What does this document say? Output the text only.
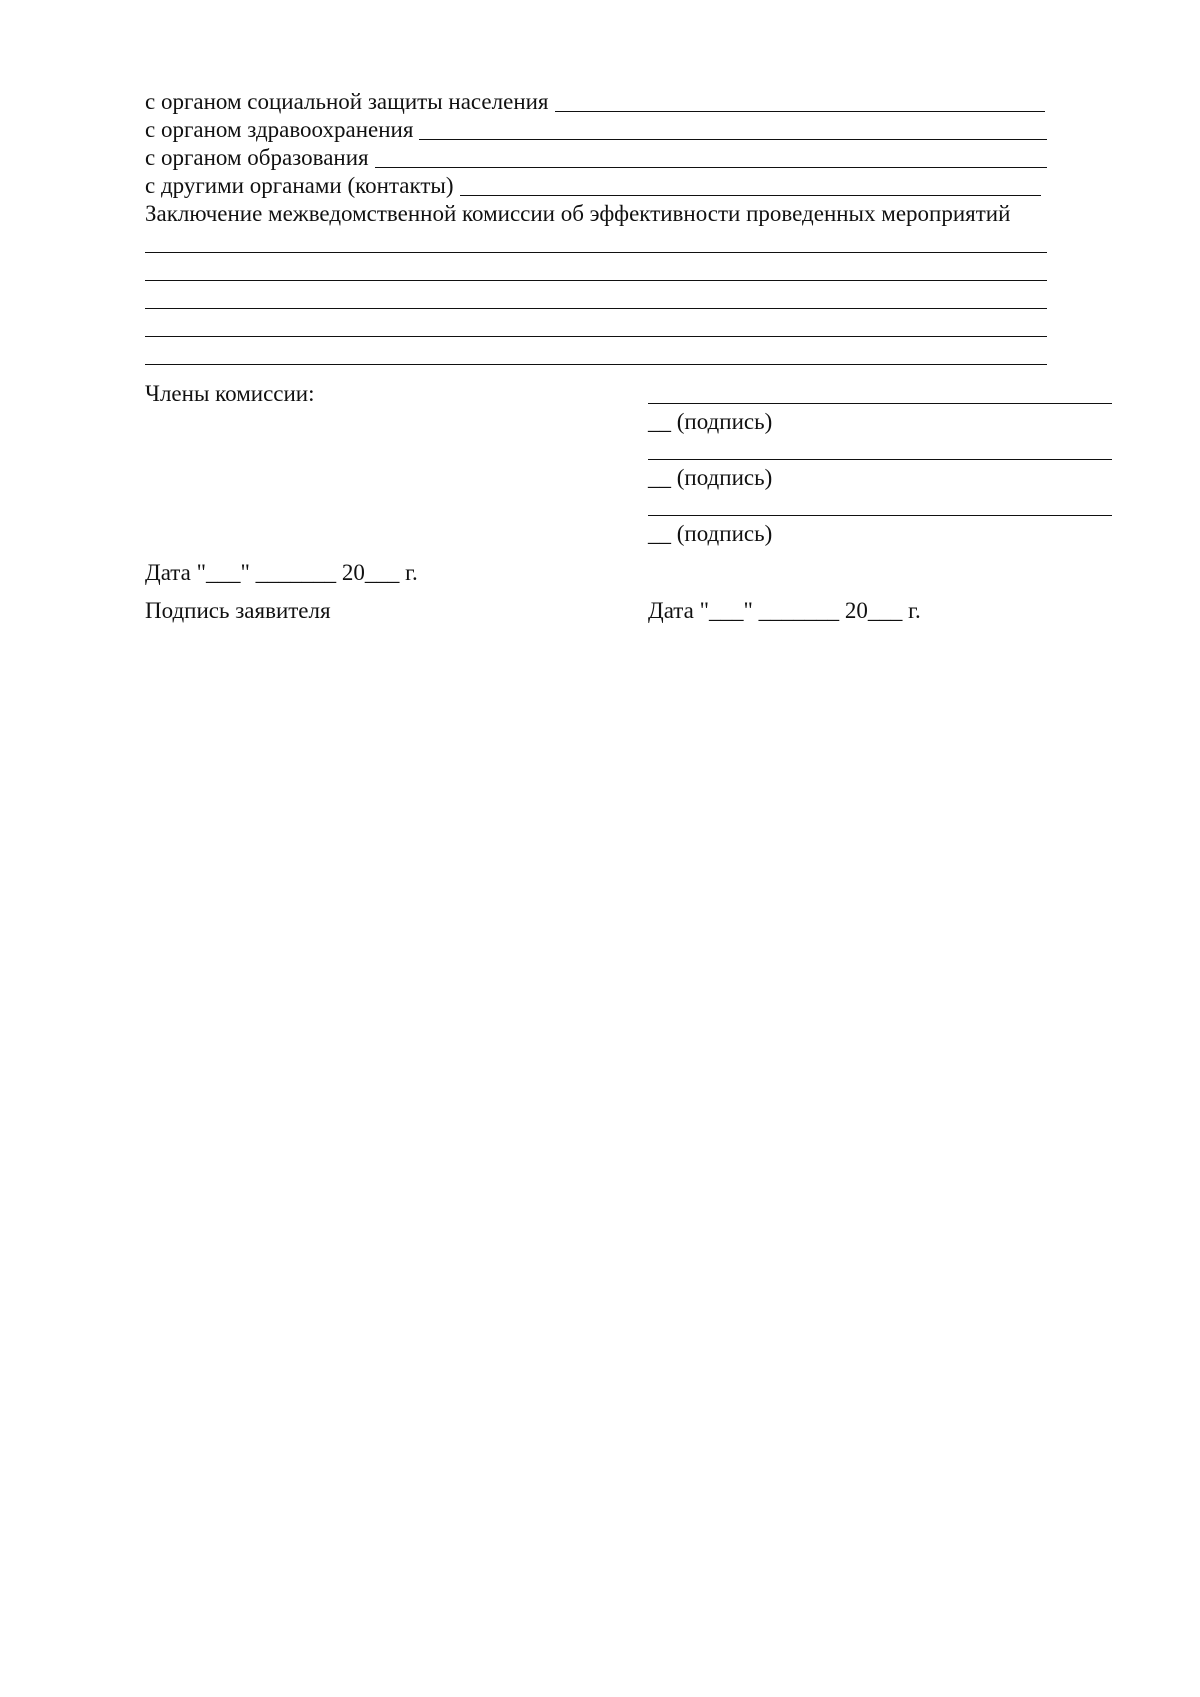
с органом социальной защиты населения
с органом здравоохранения
с органом образования
с другими органами (контакты)
Заключение межведомственной комиссии об эффективности проведенных мероприятий
Члены комиссии:
__ (подпись)
__ (подпись)
__ (подпись)
Дата "___" _______ 20___ г.
Подпись заявителя	Дата "___" _______ 20___ г.
